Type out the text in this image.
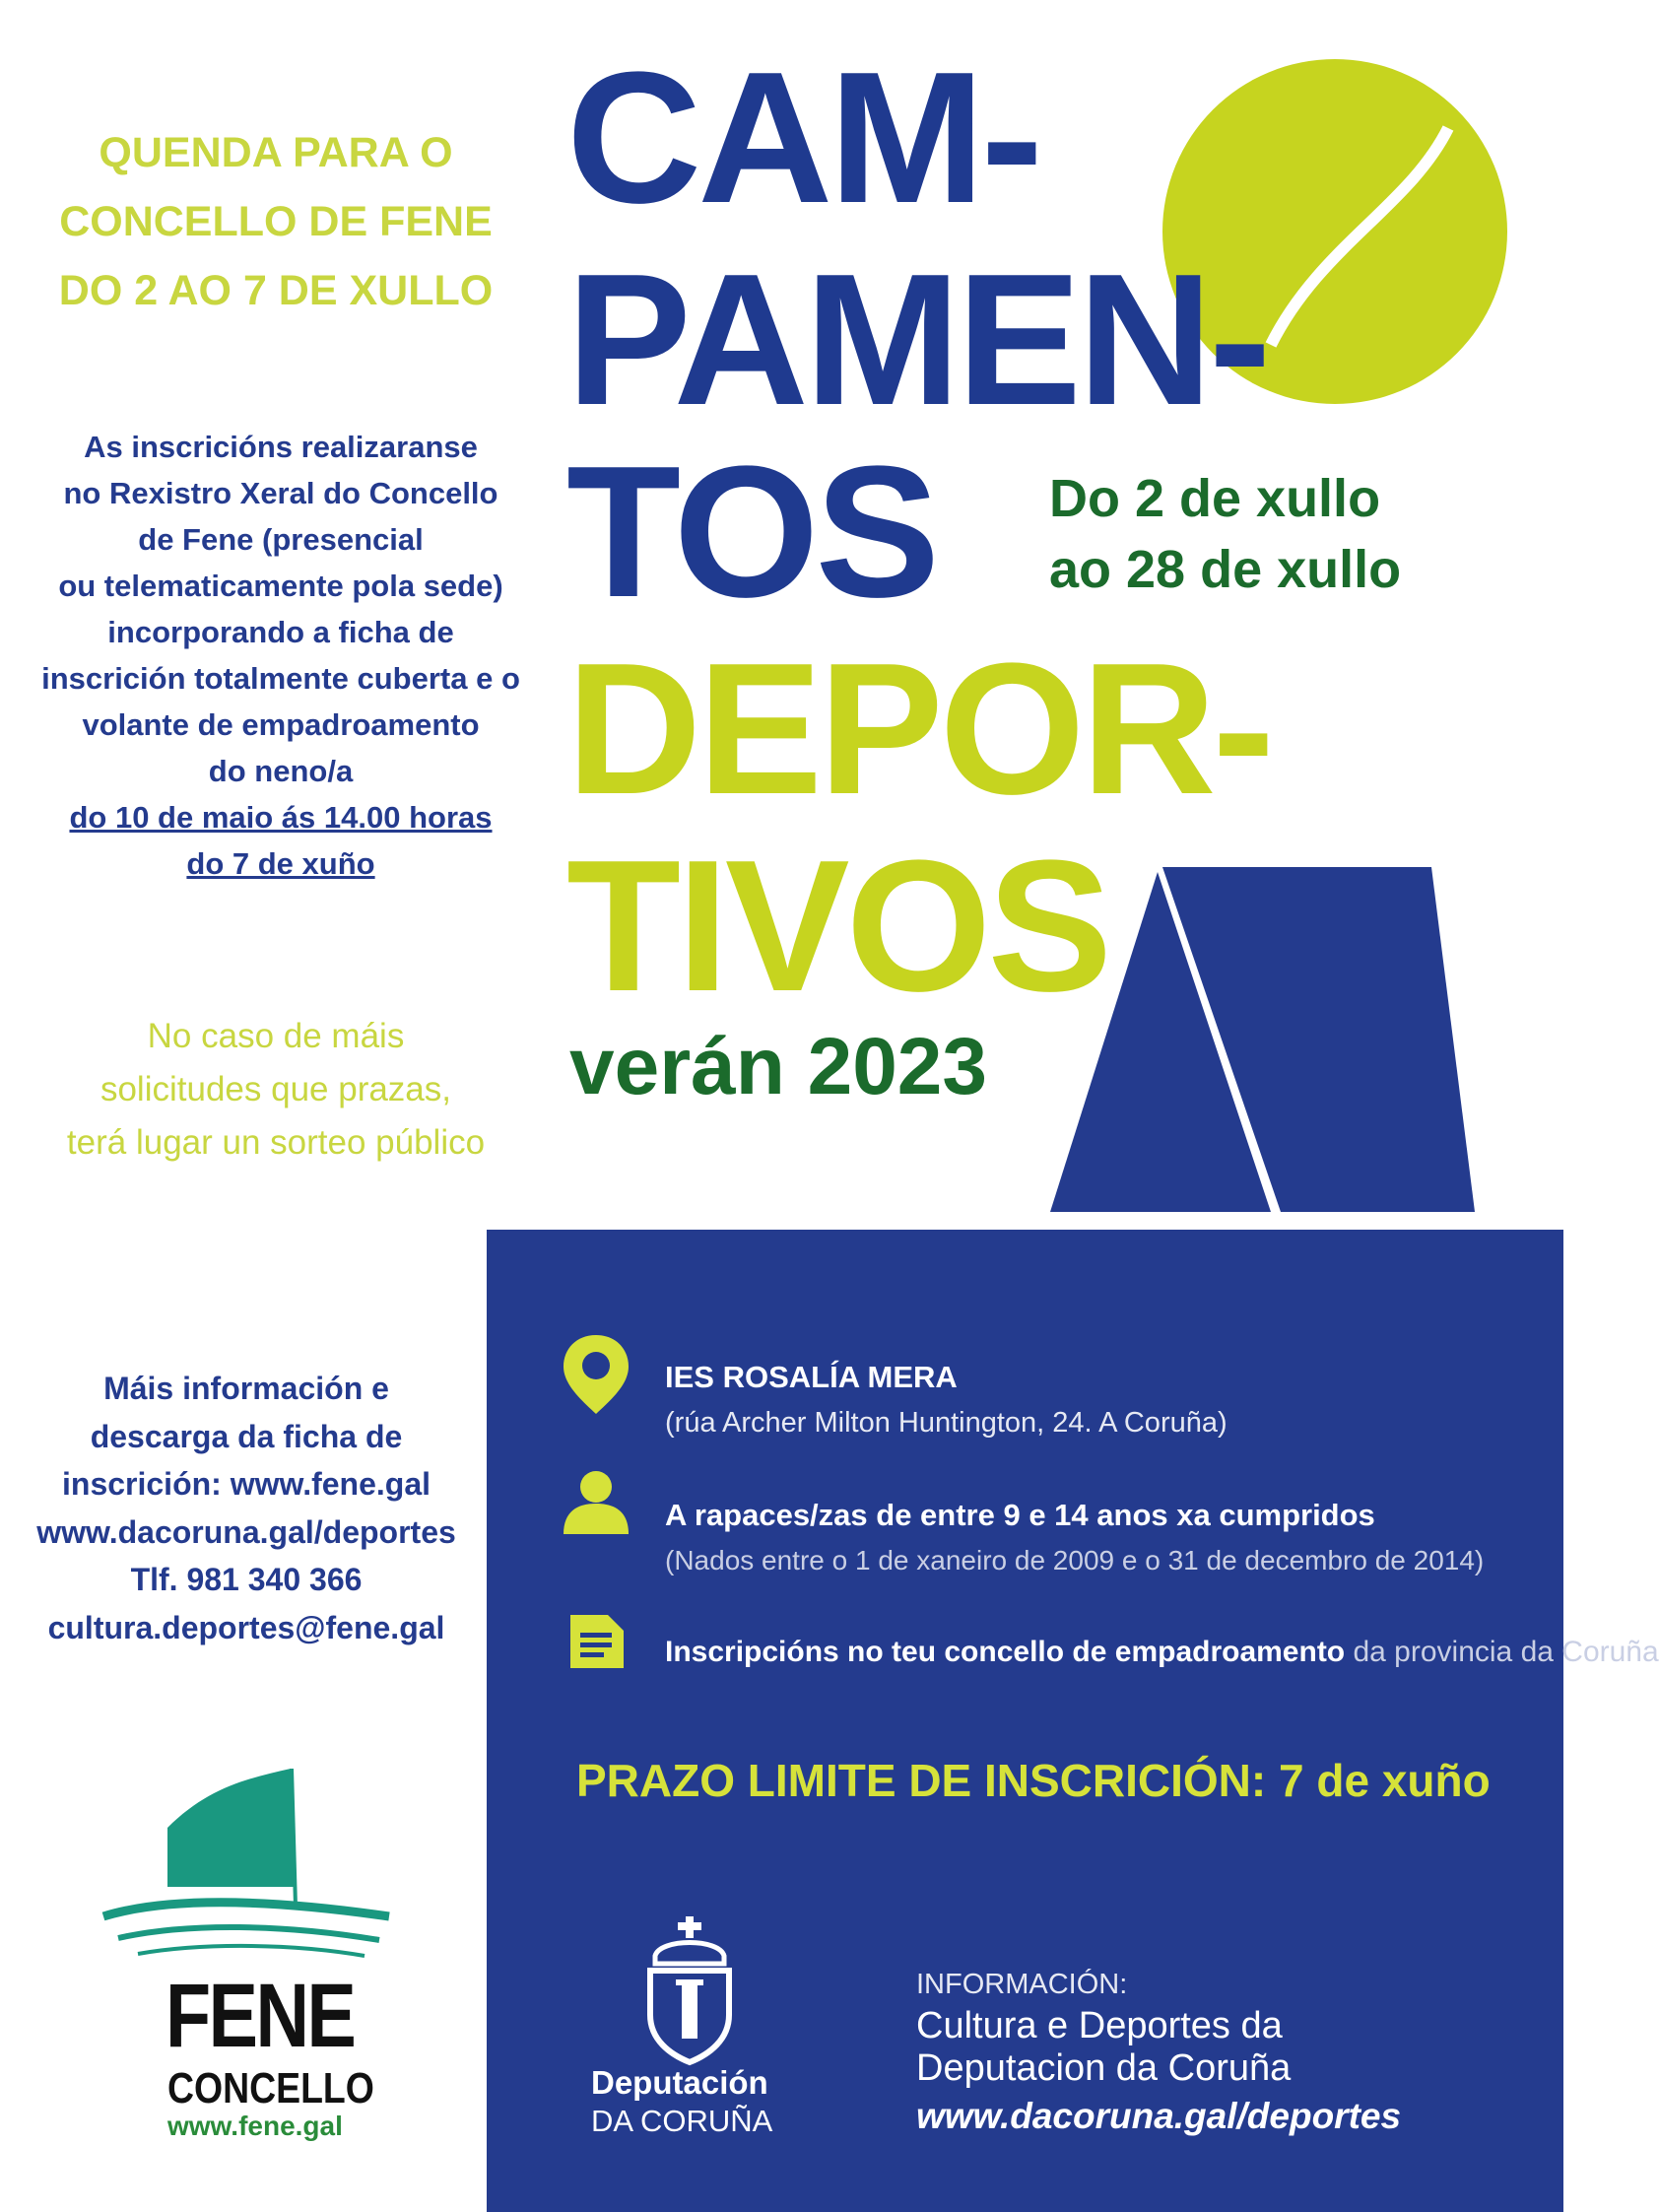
QUENDA PARA O
CONCELLO DE FENE
DO 2 AO 7 DE XULLO
As inscricións realizaranse
no Rexistro Xeral do Concello
de Fene (presencial
ou telematicamente pola sede)
incorporando a ficha de
inscrición totalmente cuberta e o
volante de empadroamento
do neno/a
do 10 de maio ás 14.00 horas
do 7 de xuño
No caso de máis
solicitudes que prazas,
terá lugar un sorteo público
Máis información e
descarga da ficha de
inscrición: www.fene.gal
www.dacoruna.gal/deportes
Tlf. 981 340 366
cultura.deportes@fene.gal
FENE
CONCELLO
www.fene.gal
CAM-
PAMEN-
TOS
DEPOR-
TIVOS
Do 2 de xullo
ao 28 de xullo
verán 2023
IES ROSALÍA MERA
(rúa Archer Milton Huntington, 24. A Coruña)
A rapaces/zas de entre 9 e 14 anos xa cumpridos
(Nados entre o 1 de xaneiro de 2009 e o 31 de decembro de 2014)
Inscripcións no teu concello de empadroamento da provincia da Coruña
PRAZO LIMITE DE INSCRICIÓN: 7 de xuño
Deputación
DA CORUÑA
INFORMACIÓN:
Cultura e Deportes da
Deputacion da Coruña
www.dacoruna.gal/deportes
